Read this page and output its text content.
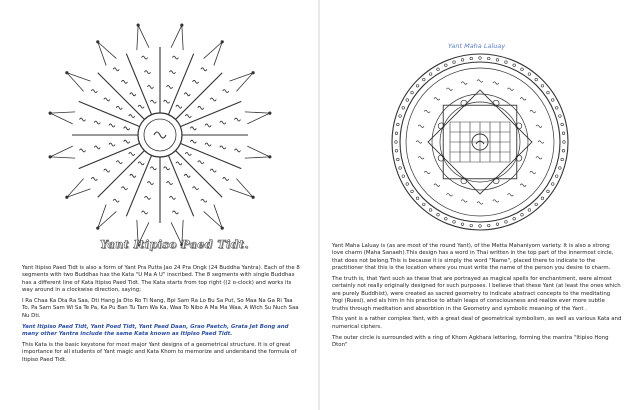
Yant Itipiso Paed Tidt.

Yant Itipiso Paed Tidt is also a form of Yant Pra Putta Jao 24 Pra Ongk (24 Buddha Yantra). Each of the 8 segments with two Buddhas has the Kata "U Ma A U" inscribed. The 8 segments with single Buddhas has a different line of Kata Itipiso Paed Tidt. The Kata starts from top right ((2 o-clock) and works its way around in a clockwise direction, saying;

I Ra Chaa Ka Dta Ra Saa, Dti Hang Ja Dto Ro Ti Nang, Bpi Sam Ra Lo Bu Sa Put, So Maa Na Ga Ri Taa To, Pa Sam Sam Wi Sa Te Pa, Ka Pu Ban Tu Tam Wa Ka, Waa To Nibo A Ma Ma Waa, A Wich Su Nuch Saa Nu Dti.

Yant Itipiso Paed Tidt, Yant Poed Tidt, Yant Paed Daan, Grao Paetch, Grata Jet Bong and many other Yantra include the same Kata known as Itipiso Paed Tidt.

This Kata is the basic keystone for most major Yant designs of a geometrical structure. It is of great importance for all students of Yant magic and Kata Khom to memorize and understand the formula of Itipiso Paed Tidt.

Yant Maha Laluay

Yant Maha Laluay is (as are most of the round Yant), of the Metta Mahaniyom variety. It is also a strong love charm (Maha Sanaeh).This design has a word in Thai written in the top part of the innermost circle, that does not belong.This is because it is simply the word "Name", placed there to indicate to the practitioner that this is the location where you must write the name of the person you desire to charm.

The truth is, that Yant such as these that are portrayed as magical spells for enchantment, were almost certainly not really originally designed for such purposes. I believe that these Yant (at least the ones which are purely Buddhist), were created as sacred geometry to indicate abstract concepts to the meditating Yogi (Ruesi), and als him in his practice to attain leaps of consciousness and realize ever more subtle truths through meditation and absorbtion in the Geometry and symbolic meaning of the Yant .

This yant is a rather complex Yant, with a great deal of geometrical symbolism, as well as various Kata and numerical ciphers.

The outer circle is surrounded with a ring of Khom Agkhara lettering, forming the mantra "Itipiso Hong Dton"
